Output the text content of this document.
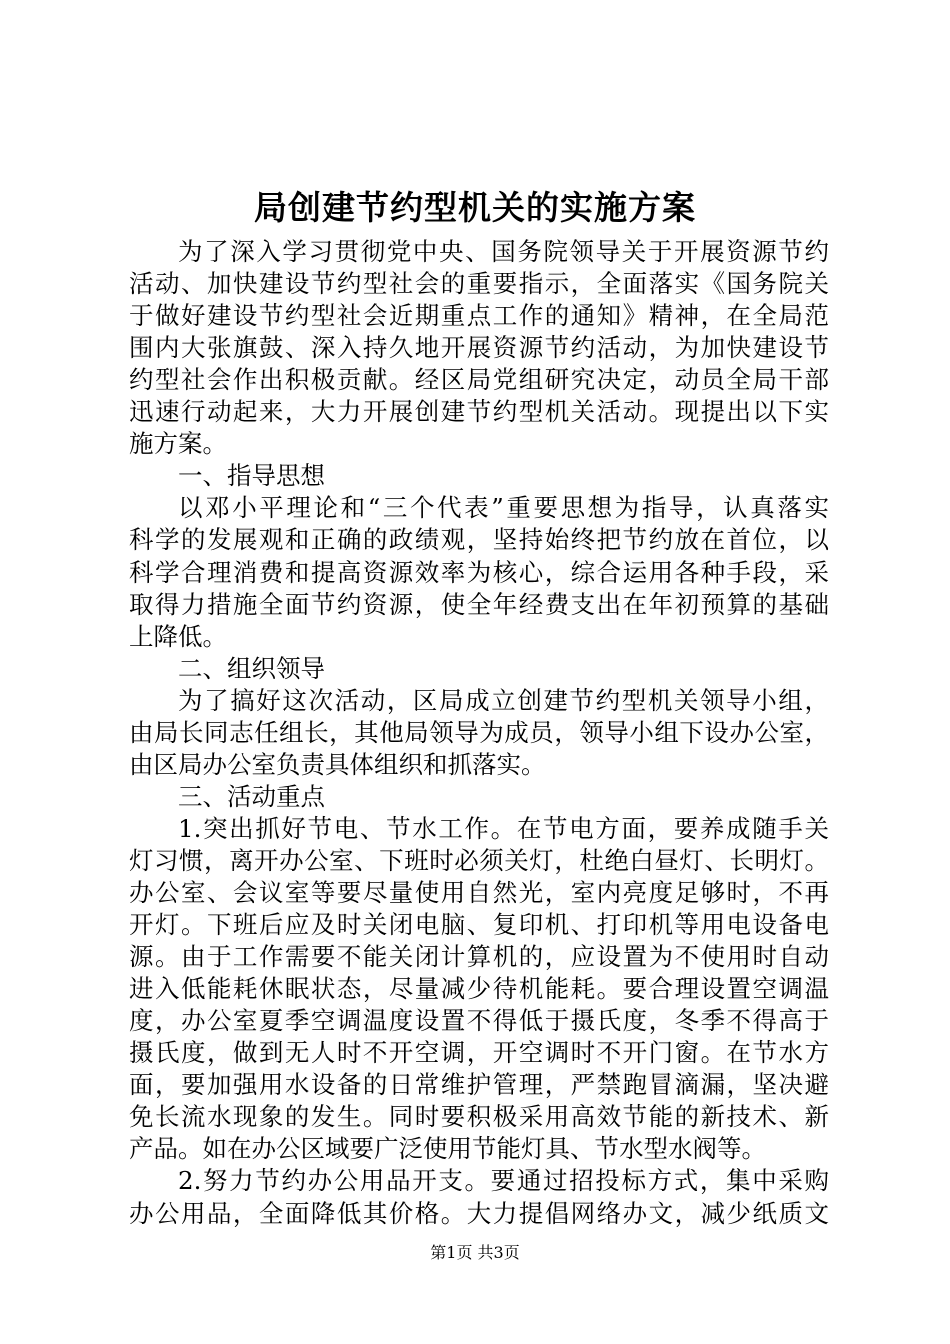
局创建节约型机关的实施方案
为了深入学习贯彻党中央、国务院领导关于开展资源节约
活动、加快建设节约型社会的重要指示，全面落实《国务院关
于做好建设节约型社会近期重点工作的通知》精神，在全局范
围内大张旗鼓、深入持久地开展资源节约活动，为加快建设节
约型社会作出积极贡献。经区局党组研究决定，动员全局干部
迅速行动起来，大力开展创建节约型机关活动。现提出以下实
施方案。
一、指导思想
以邓小平理论和“三个代表”重要思想为指导，认真落实
科学的发展观和正确的政绩观，坚持始终把节约放在首位，以
科学合理消费和提高资源效率为核心，综合运用各种手段，采
取得力措施全面节约资源，使全年经费支出在年初预算的基础
上降低。
二、组织领导
为了搞好这次活动，区局成立创建节约型机关领导小组，
由局长同志任组长，其他局领导为成员，领导小组下设办公室，
由区局办公室负责具体组织和抓落实。
三、活动重点
1.突出抓好节电、节水工作。在节电方面，要养成随手关
灯习惯，离开办公室、下班时必须关灯，杜绝白昼灯、长明灯。
办公室、会议室等要尽量使用自然光，室内亮度足够时，不再
开灯。下班后应及时关闭电脑、复印机、打印机等用电设备电
源。由于工作需要不能关闭计算机的，应设置为不使用时自动
进入低能耗休眠状态，尽量减少待机能耗。要合理设置空调温
度，办公室夏季空调温度设置不得低于摄氏度，冬季不得高于
摄氏度，做到无人时不开空调，开空调时不开门窗。在节水方
面，要加强用水设备的日常维护管理，严禁跑冒滴漏，坚决避
免长流水现象的发生。同时要积极采用高效节能的新技术、新
产品。如在办公区域要广泛使用节能灯具、节水型水阀等。
2.努力节约办公用品开支。要通过招投标方式，集中采购
办公用品，全面降低其价格。大力提倡网络办文，减少纸质文
第1页 共3页
